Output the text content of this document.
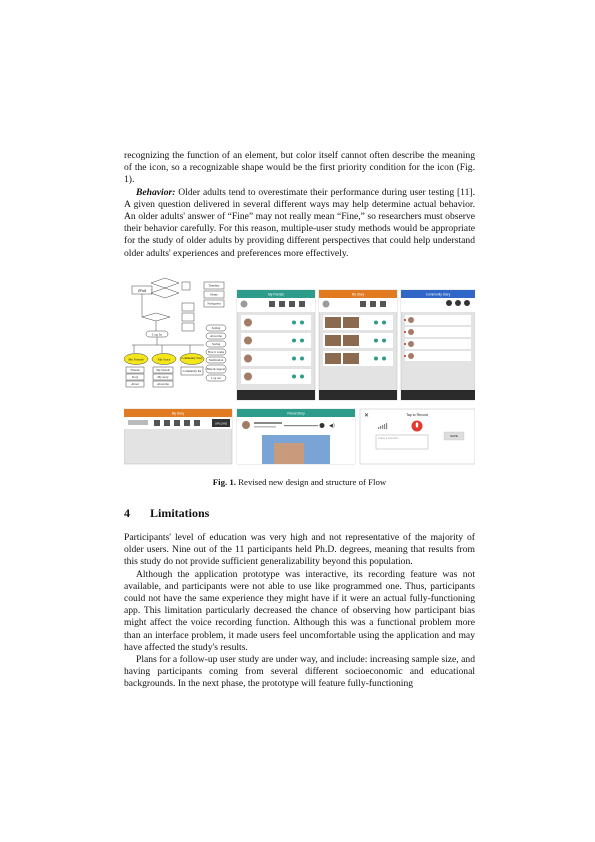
recognizing the function of an element, but color itself cannot often describe the meaning of the icon, so a recognizable shape would be the first priority condition for the icon (Fig. 1).

Behavior: Older adults tend to overestimate their performance during user testing [11]. A given question delivered in several different ways may help determine actual behavior. An older adults' answer of “Fine” may not really mean “Fine,” so researchers must observe their behavior carefully. For this reason, multiple-user study methods would be appropriate for the study of older adults by providing different perspectives that could help understand older adults' experiences and preferences more effectively.

iPad
Log In
Timeline
Home
Navigation
Setting
About me
Saving
How it works
Notification
Help & support
Log out
My Friends	My Story	Community Story
Friends
Story
About
My friends
My story
About me
Community list
My Friends	My Story	Community Story
My Story
UPLOAD
Friend Story
◀)
✕	Tap to Record
Leave a comment
SAVE
Fig. 1. Revised new design and structure of Flow
4 Limitations

Participants' level of education was very high and not representative of the majority of older users. Nine out of the 11 participants held Ph.D. degrees, meaning that results from this study do not provide sufficient generalizability beyond this population.

Although the application prototype was interactive, its recording feature was not available, and participants were not able to use like programmed one. Thus, participants could not have the same experience they might have if it were an actual fully-functioning app. This limitation particularly decreased the chance of observing how participant bias might affect the voice recording function. Although this was a functional problem more than an interface problem, it made users feel uncomfortable using the application and may have affected the study's results.

Plans for a follow-up user study are under way, and include: increasing sample size, and having participants coming from several different socioeconomic and educational backgrounds. In the next phase, the prototype will feature fully-functioning
